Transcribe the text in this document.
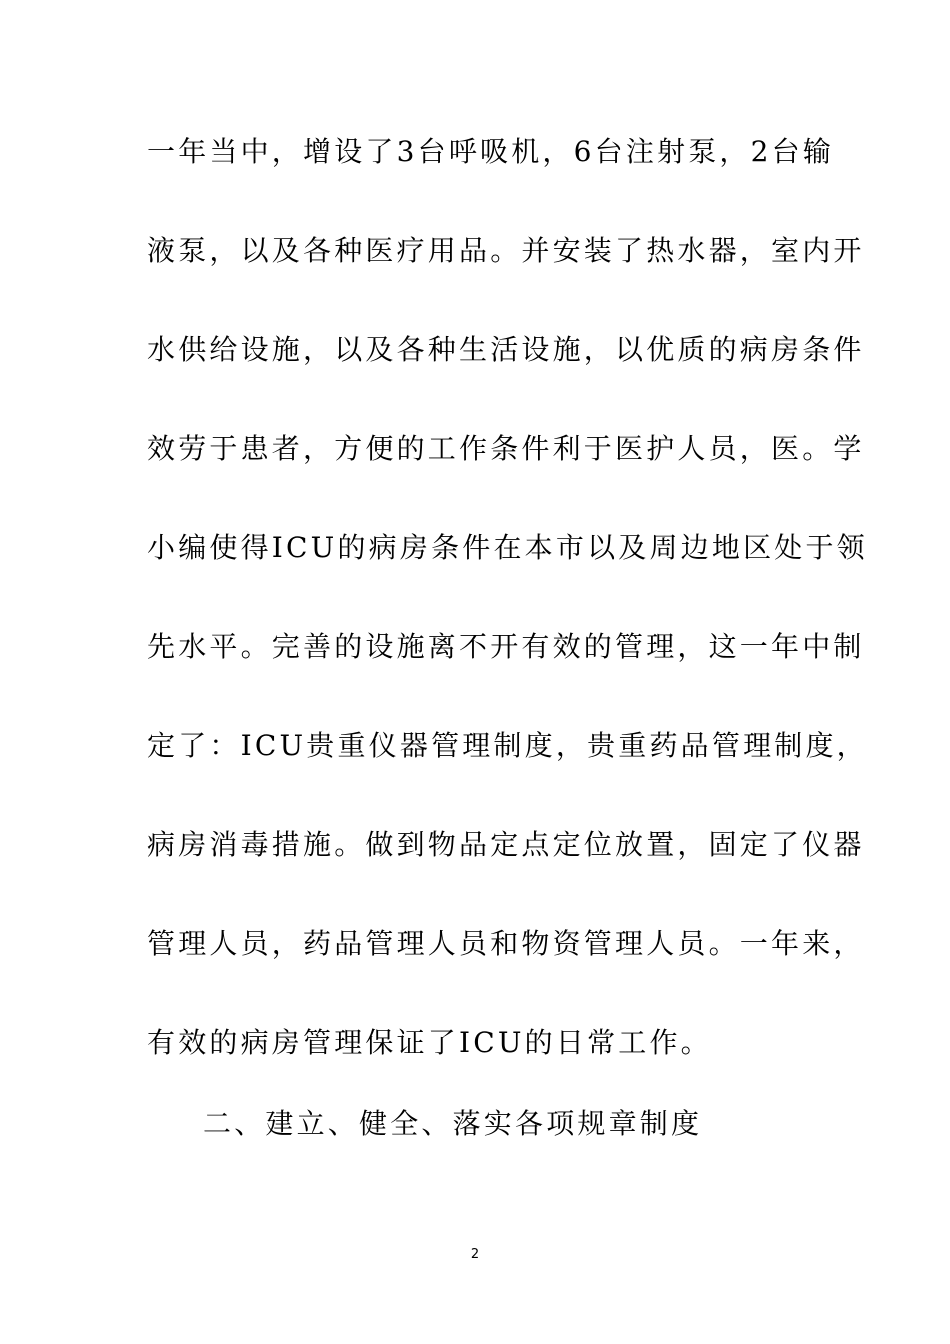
一年当中，增设了3台呼吸机，6台注射泵，2台输
液泵，以及各种医疗用品。并安装了热水器，室内开
水供给设施，以及各种生活设施，以优质的病房条件
效劳于患者，方便的工作条件利于医护人员，医。学
小编使得ICU的病房条件在本市以及周边地区处于领
先水平。完善的设施离不开有效的管理，这一年中制
定了：ICU贵重仪器管理制度，贵重药品管理制度，
病房消毒措施。做到物品定点定位放置，固定了仪器
管理人员，药品管理人员和物资管理人员。一年来，
有效的病房管理保证了ICU的日常工作。
二、建立、健全、落实各项规章制度
2
